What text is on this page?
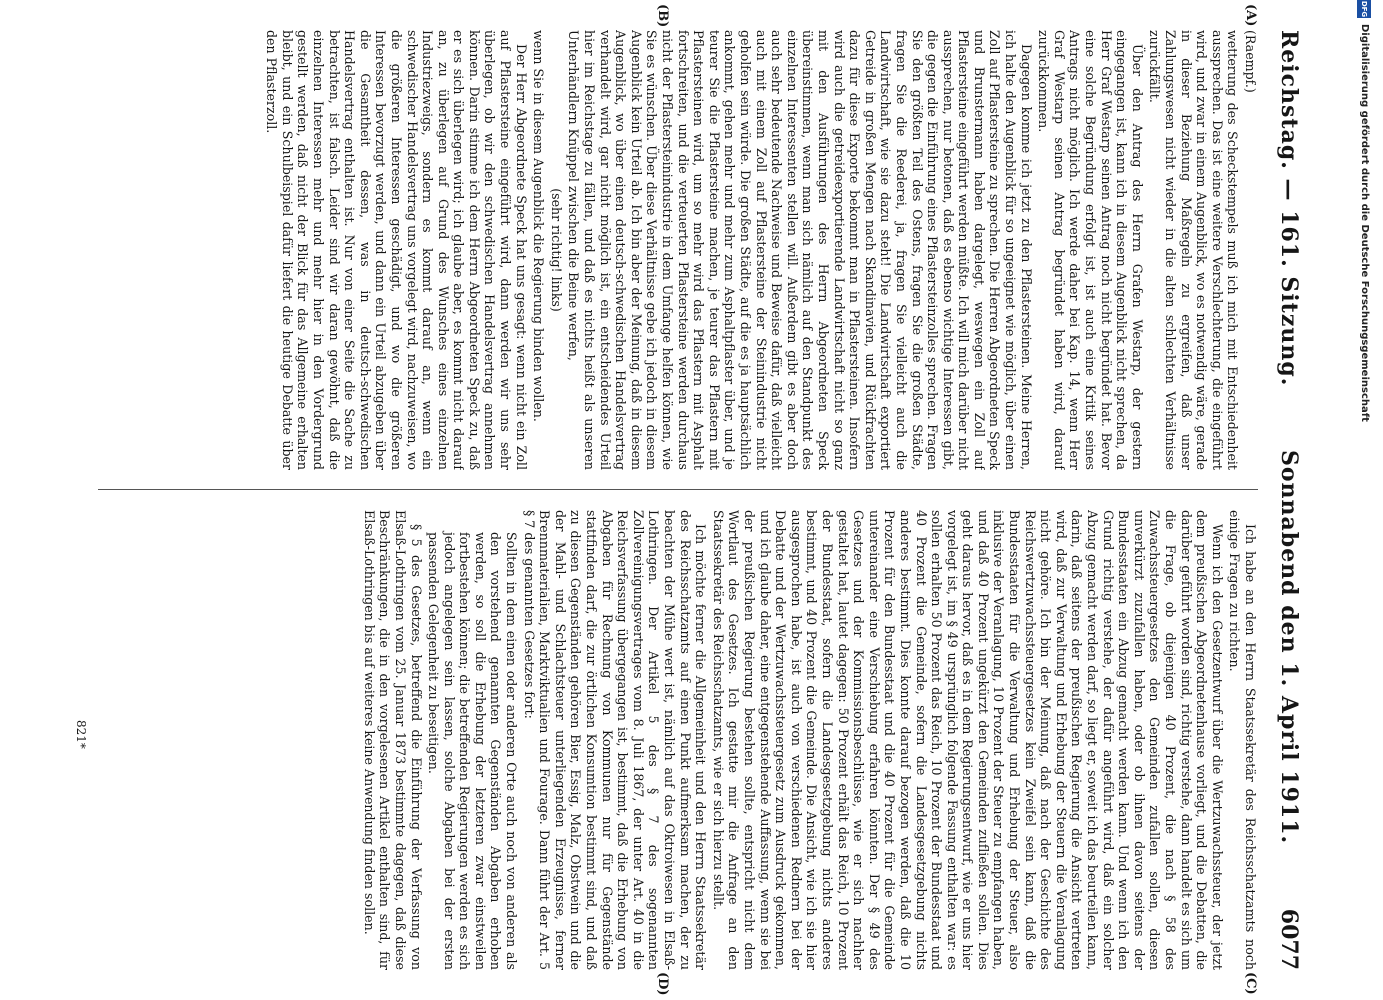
Reichstag. — 161. Sitzung.
Sonnabend den 1. April 1911.
6077
(A)
(B)
(C)
(D)

(Raempf.)

wetterung des Scheckstempels muß ich mich mit Entschiedenheit aussprechen. Das ist eine weitere Verschlechterung, die eingeführt wird, und zwar in einem Augenblick, wo es notwendig wäre, gerade in dieser Beziehung Maßregeln zu ergreifen, daß unser Zahlungswesen nicht wieder in die alten schlechten Verhältnisse zurückfällt.

Über den Antrag des Herrn Grafen Westarp, der gestern eingegangen ist, kann ich in diesem Augenblick nicht sprechen, da Herr Graf Westarp seinen Antrag noch nicht begründet hat. Bevor eine solche Begründung erfolgt ist, ist auch eine Kritik seines Antrags nicht möglich. Ich werde daher bei Kap. 14, wenn Herr Graf Westarp seinen Antrag begründet haben wird, darauf zurückkommen.

Dagegen komme ich jetzt zu den Pflastersteinen. Meine Herren, ich halte den Augenblick für so ungeeignet wie möglich, über einen Zoll auf Pflastersteine zu sprechen. Die Herren Abgeordneten Speck und Brunstermann haben dargelegt, weswegen ein Zoll auf Pflastersteine eingeführt werden müßte. Ich will mich darüber nicht aussprechen, nur betonen, daß es ebenso wichtige Interessen gibt, die gegen die Einführung eines Pflastersteinzolles sprechen. Fragen Sie den größten Teil des Ostens, fragen Sie die großen Städte, fragen Sie die Reederei, ja, fragen Sie vielleicht auch die Landwirtschaft, wie sie dazu steht! Die Landwirtschaft exportiert Getreide in großen Mengen nach Skandinavien, und Rückfrachten dazu für diese Exporte bekommt man in Pflastersteinen. Insofern wird auch die getreideexportierende Landwirtschaft nicht so ganz mit den Ausführungen des Herrn Abgeordneten Speck übereinstimmen, wenn man sich nämlich auf den Standpunkt des einzelnen Interessenten stellen will. Außerdem gibt es aber doch auch sehr bedeutende Nachweise und Beweise dafür, daß vielleicht auch mit einem Zoll auf Pflastersteine der Steinindustrie nicht geholfen sein würde. Die großen Städte, auf die es ja hauptsächlich ankommt, gehen mehr und mehr zum Asphaltpflaster über, und je teurer Sie die Pflastersteine machen, je teurer das Pflastern mit Pflastersteinen wird, um so mehr wird das Pflastern mit Asphalt fortschreiten, und die verteuerten Pflastersteine werden durchaus nicht der Pflastersteinindustrie in dem Umfange helfen können, wie Sie es wünschen. Über diese Verhältnisse gebe ich jedoch in diesem Augenblick kein Urteil ab. Ich bin aber der Meinung, daß in diesem Augenblick, wo über einen deutsch-schwedischen Handelsvertrag verhandelt wird, gar nicht möglich ist, ein entscheidendes Urteil hier im Reichstage zu fällen, und daß es nichts heißt als unseren Unterhändlern Knüppel zwischen die Beine werfen,

(sehr richtig! links)

wenn Sie in diesem Augenblick die Regierung binden wollen.

Der Herr Abgeordnete Speck hat uns gesagt: wenn nicht ein Zoll auf Pflastersteine eingeführt wird, dann werden wir uns sehr überlegen, ob wir den schwedischen Handelsvertrag annehmen können. Darin stimme ich dem Herrn Abgeordneten Speck zu, daß er es sich überlegen wird; ich glaube aber, es kommt nicht darauf an, zu überlegen auf Grund des Wunsches eines einzelnen Industriezweigs, sondern es kommt darauf an, wenn ein schwedischer Handelsvertrag uns vorgelegt wird, nachzuweisen, wo die größeren Interessen geschädigt, und wo die größeren Interessen bevorzugt werden, und dann ein Urteil abzugeben über die Gesamtheit dessen, was in deutsch-schwedischen Handelsvertrag enthalten ist. Nur von einer Seite die Sache zu betrachten, ist falsch. Leider sind wir daran gewöhnt, daß die einzelnen Interessen mehr und mehr hier in den Vordergrund gestellt werden, daß nicht der Blick für das Allgemeine erhalten bleibt, und ein Schulbeispiel dafür liefert die heutige Debatte über den Pflasterzoll.

Ich habe an den Herrn Staatssekretär des Reichsschatzamts noch einige Fragen zu richten.

Wenn ich den Gesetzentwurf über die Wertzuwachssteuer, der jetzt dem preußischen Abgeordnetenhause vorliegt, und die Debatten, die darüber geführt worden sind, richtig verstehe, dann handelt es sich um die Frage, ob diejenigen 40 Prozent, die nach § 58 des Zuwachssteuergesetzes den Gemeinden zufallen sollen, diesen unverkürzt zuzufallen haben, oder ob ihnen davon seitens der Bundesstaaten ein Abzug gemacht werden kann. Und wenn ich den Grund richtig verstehe, der dafür angeführt wird, daß ein solcher Abzug gemacht werden darf, so liegt er, soweit ich das beurteilen kann, darin, daß seitens der preußischen Regierung die Ansicht vertreten wird, daß zur Verwaltung und Erhebung der Steuern die Veranlagung nicht gehöre. Ich bin der Meinung, daß nach der Geschichte des Reichswertzuwachssteuergesetzes kein Zweifel sein kann, daß die Bundesstaaten für die Verwaltung und Erhebung der Steuer, also inklusive der Veranlagung, 10 Prozent der Steuer zu empfangen haben, und daß 40 Prozent ungekürzt den Gemeinden zufließen sollen. Dies geht daraus hervor, daß es in dem Regierungsentwurf, wie er uns hier vorgelegt ist, im § 49 ursprünglich folgende Fassung enthalten war: es sollen erhalten 50 Prozent das Reich, 10 Prozent der Bundesstaat und 40 Prozent die Gemeinde, sofern die Landesgesetzgebung nichts anderes bestimmt. Dies konnte darauf bezogen werden, daß die 10 Prozent für den Bundesstaat und die 40 Prozent für die Gemeinde untereinander eine Verschiebung erfahren könnten. Der § 49 des Gesetzes und der Kommissionsbeschlüsse, wie er sich nachher gestaltet hat, lautet dagegen: 50 Prozent erhält das Reich, 10 Prozent der Bundesstaat, sofern die Landesgesetzgebung nichts anderes bestimmt, und 40 Prozent die Gemeinde. Die Ansicht, wie ich sie hier ausgesprochen habe, ist auch von verschiedenen Rednern bei der Debatte und der Wertzuwachssteuergesetz zum Ausdruck gekommen, und ich glaube daher, eine entgegenstehende Auffassung, wenn sie bei der preußischen Regierung bestehen sollte, entspricht nicht dem Wortlaut des Gesetzes. Ich gestatte mir die Anfrage an den Staatssekretär des Reichsschatzamts, wie er sich hierzu stellt.

Ich möchte ferner die Allgemeinheit und den Herrn Staatssekretär des Reichsschatzamts auf einen Punkt aufmerksam machen, der zu beachten der Mühe wert ist, nämlich auf das Oktroiwesen in Elsaß-Lothringen. Der Artikel 5 des § 7 des sogenannten Zollvereinigungsvertrages vom 8. Juli 1867, der unter Art. 40 in die Reichsverfassung übergegangen ist, bestimmt, daß die Erhebung von Abgaben für Rechnung von Kommunen nur für Gegenstände stattfinden darf, die zur örtlichen Konsumtion bestimmt sind, und daß zu diesen Gegenständen gehören Bier, Essig, Malz, Obstwein und die der Mahl- und Schlachtsteuer unterliegenden Erzeugnisse, ferner Brennmaterialien, Marktviktualien und Fourage. Dann führt der Art. 5 § 7 des genannten Gesetzes fort:

Sollten in dem einen oder anderen Orte auch noch von anderen als den vorstehend genannten Gegenständen Abgaben erhoben werden, so soll die Erhebung der letzteren zwar einstweilen fortbestehen können; die betreffenden Regierungen werden es sich jedoch angelegen sein lassen, solche Abgaben bei der ersten passenden Gelegenheit zu beseitigen.

§ 5 des Gesetzes, betreffend die Einführung der Verfassung von Elsaß-Lothringen vom 25. Januar 1873 bestimmte dagegen, daß diese Beschränkungen, die in den vorgelesenen Artikel enthalten sind, für Elsaß-Lothringen bis auf weiteres keine Anwendung finden sollen.

821*
DFG
Digitalisierung gefördert durch die Deutsche Forschungsgemeinschaft
